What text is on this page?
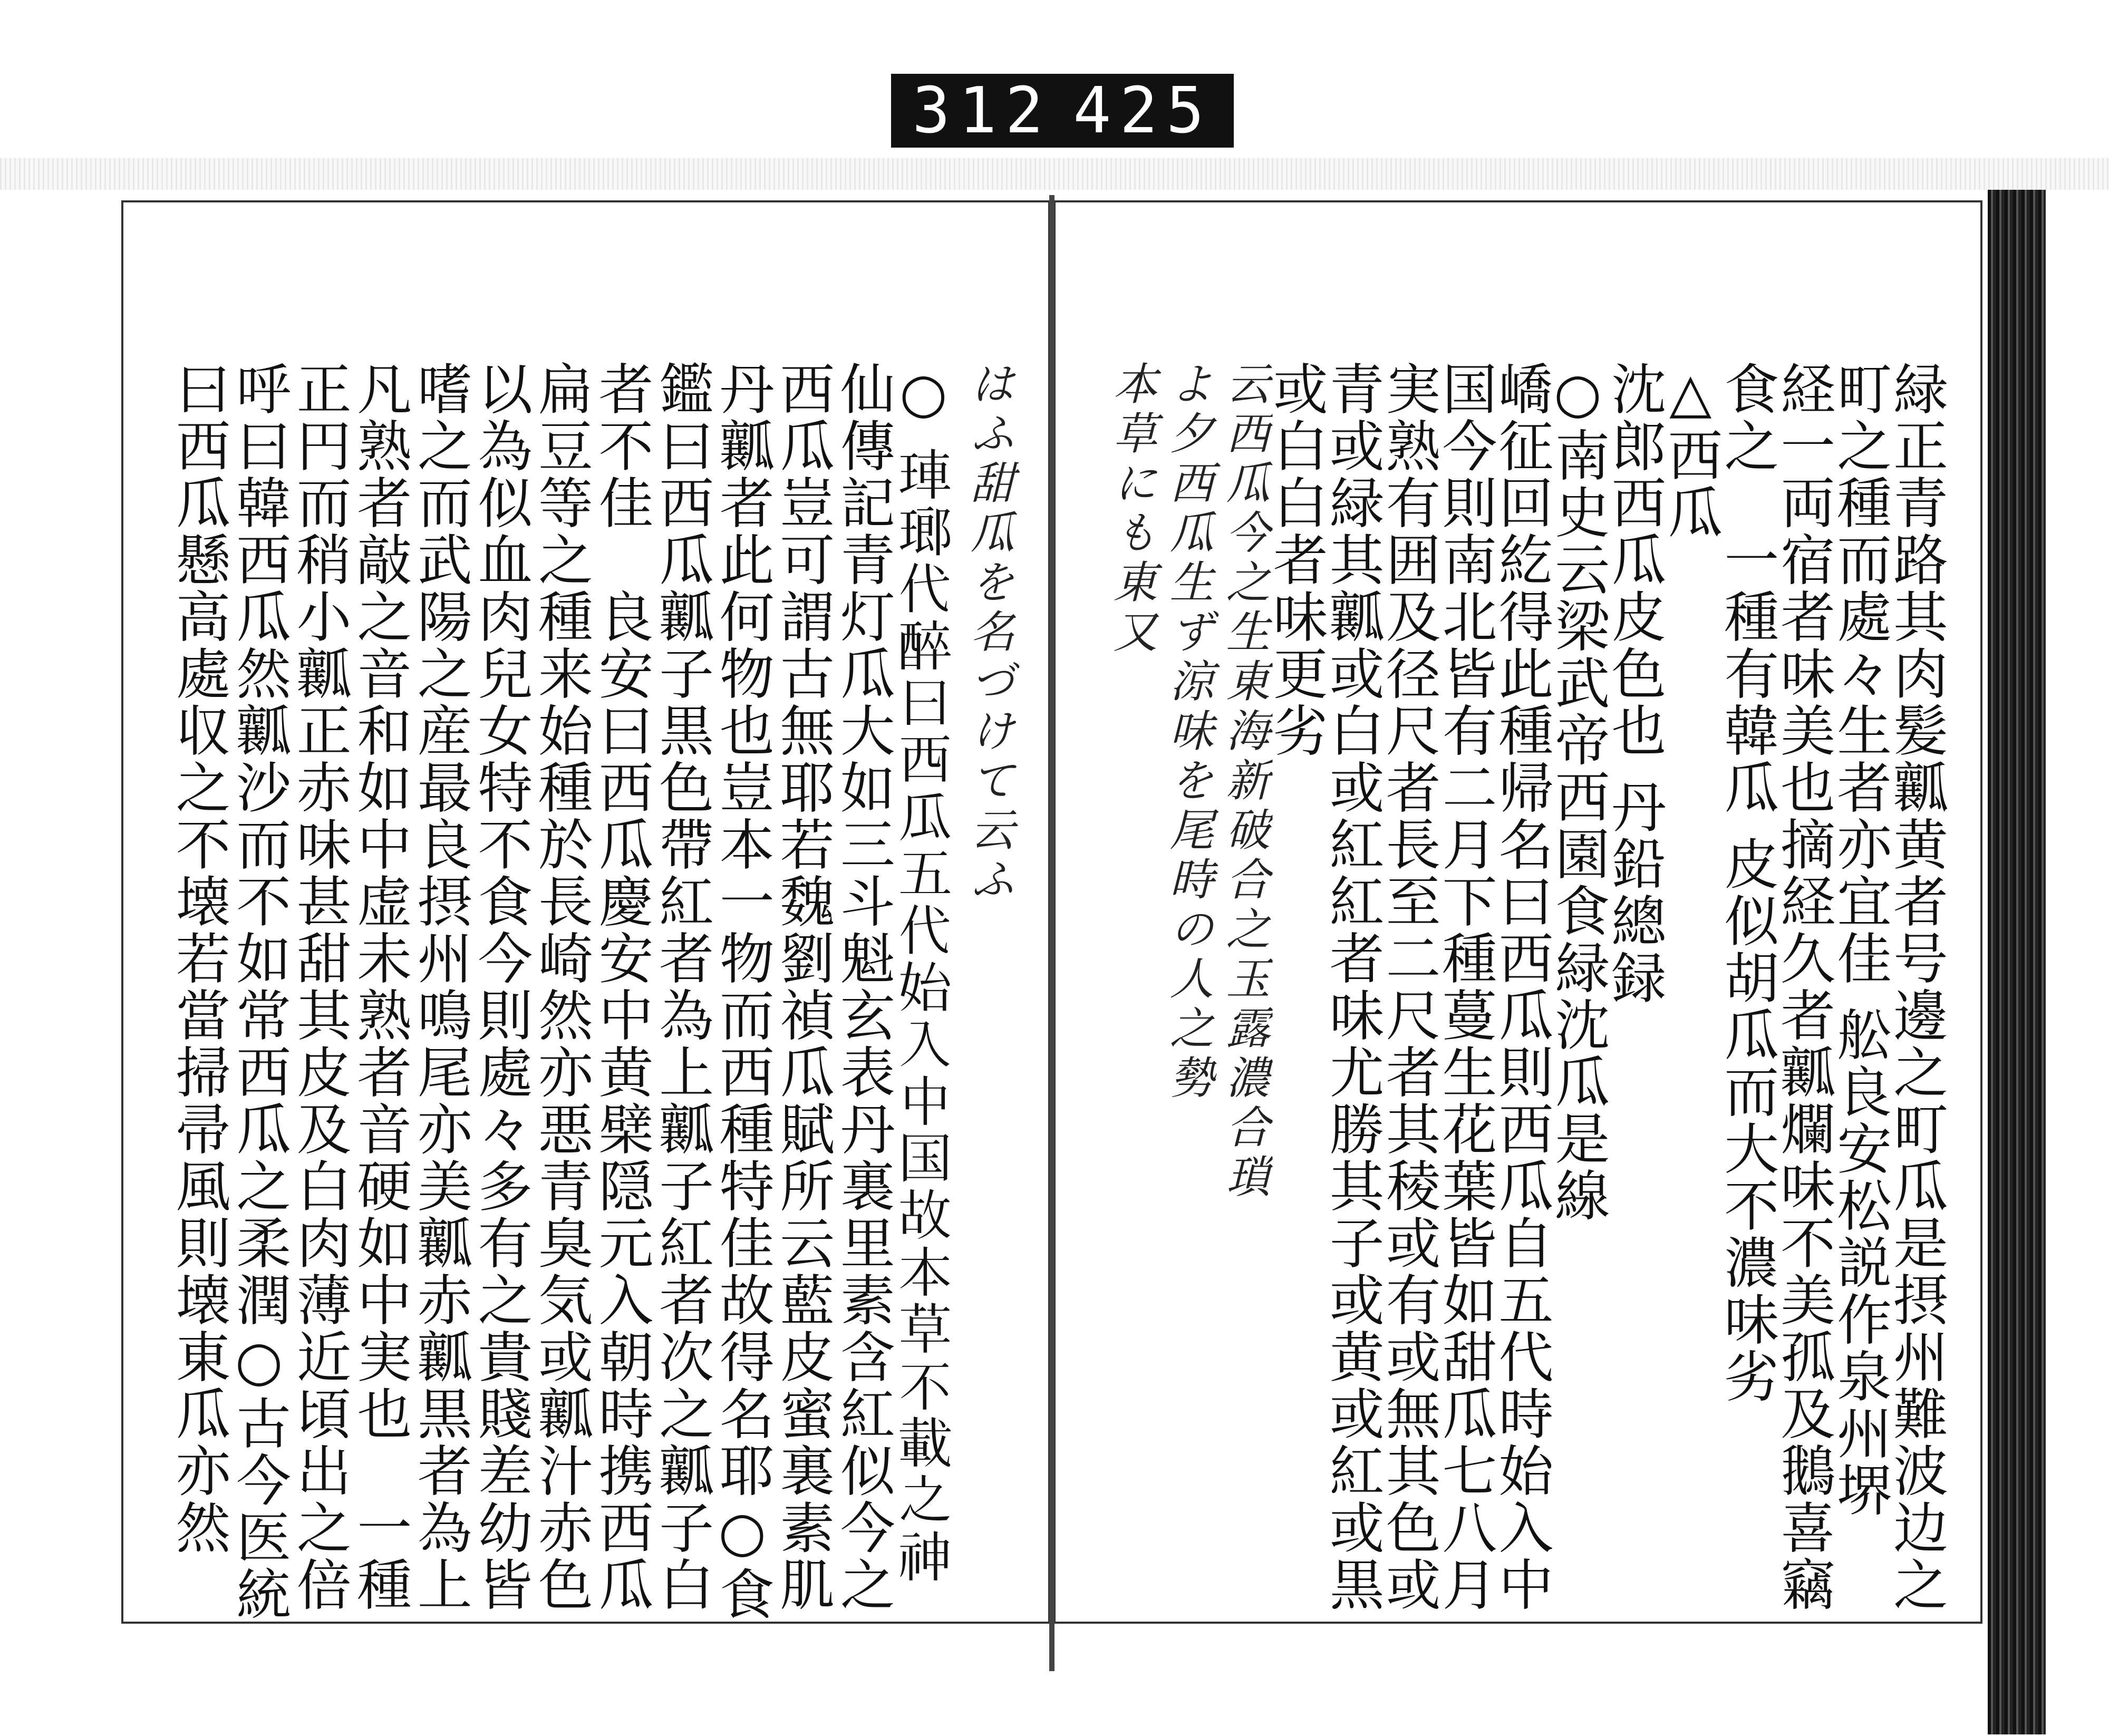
312 425
はふ甜瓜を名づけて云ふ
○ 𤥭瑯代醉曰西瓜五代始入中国故本草不載之神
仙傳記青灯瓜大如三斗魁玄表丹裏里素含紅似今之
西瓜豈可謂古無耶若魏劉禎瓜賦所云藍皮蜜裏素肌
丹瓤者此何物也豈本一物而西種特佳故得名耶○食
鑑曰西瓜瓤子黒色帶紅者為上瓤子紅者次之瓤子白
者不佳　良安曰西瓜慶安中黄檗隠元入朝時携西瓜
扁豆等之種来始種於長崎然亦悪青臭気或瓤汁赤色
以為似血肉兒女特不食今則處々多有之貴賤差幼皆
嗜之而武陽之産最良摂州鳴尾亦美瓤赤瓤黒者為上
凡熟者敲之音和如中虚未熟者音硬如中実也　一種
正円而稍小瓤正赤味甚甜其皮及白肉薄近頃出之倍
呼曰韓西瓜然瓤沙而不如常西瓜之柔潤○古今医統
曰西瓜懸高處収之不壊若當掃帚風則壊東瓜亦然	緑正青路其肉髪瓤黄者号邊之町瓜是摂州難波边之
町之種而處々生者亦宜佳 舩良安松説作泉州堺
経一両宿者味美也摘経久者瓤爛味不美孤及鵝喜竊
食之　一種有韓瓜 皮似胡瓜而大不濃味劣
△西瓜
沈郎西瓜皮色也 丹鉛總録
○南史云梁武帝西園食緑沈瓜是線
嶠征回紇得此種帰名曰西瓜則西瓜自五代時始入中
国今則南北皆有二月下種蔓生花葉皆如甜瓜七八月
実熟有囲及径尺者長至二尺者其稜或有或無其色或
青或緑其瓤或白或紅紅者味尤勝其子或黄或紅或黒
或白白者味更劣
云西瓜今之生東海新破合之玉露濃合瑣
よ夕西瓜生ず涼味を尾時の人之勢
本草にも東又
